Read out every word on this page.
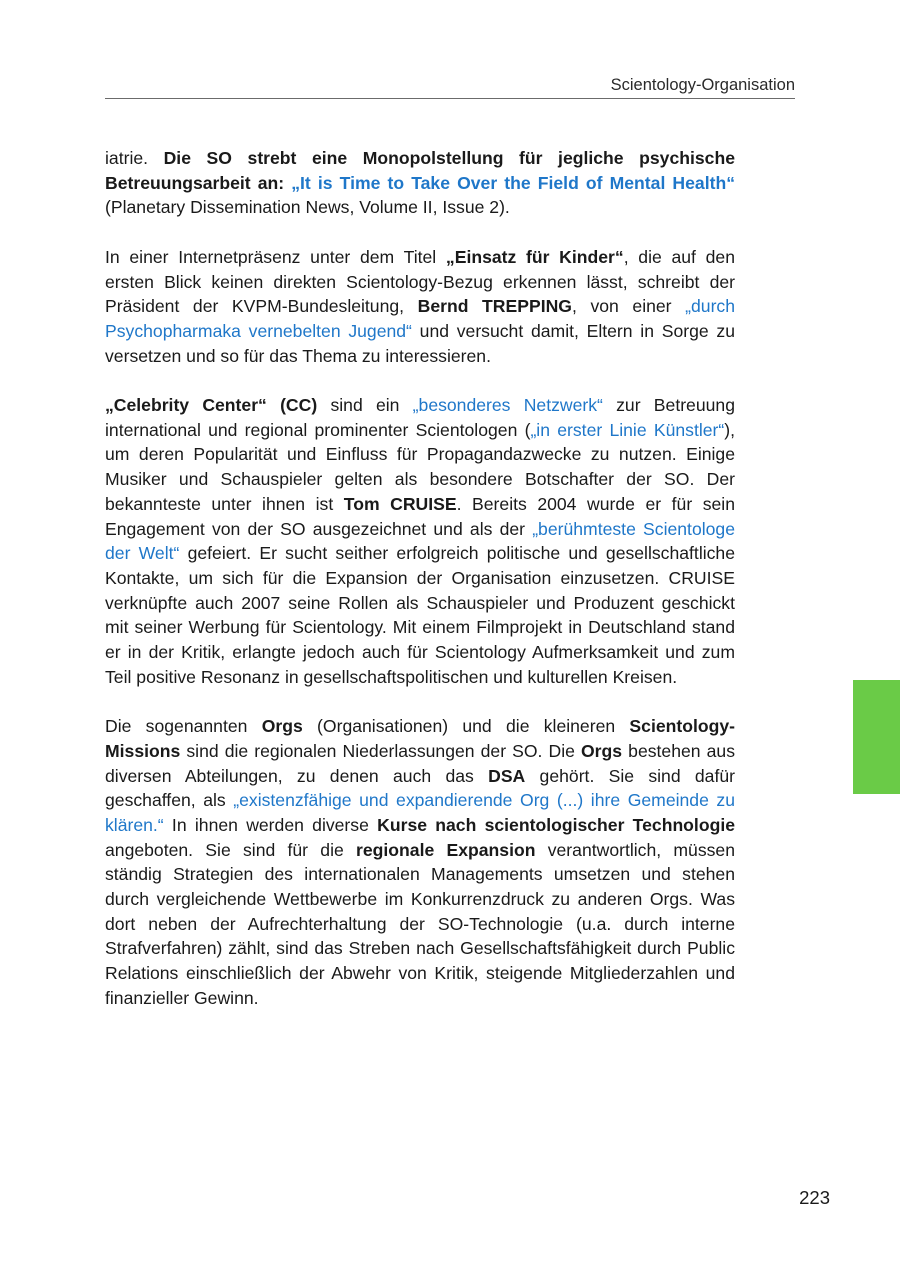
Scientology-Organisation

iatrie. Die SO strebt eine Monopolstellung für jegliche psychische Betreuungsarbeit an: „It is Time to Take Over the Field of Mental Health“ (Planetary Dissemination News, Volume II, Issue 2).

In einer Internetpräsenz unter dem Titel „Einsatz für Kinder“, die auf den ersten Blick keinen direkten Scientology-Bezug erkennen lässt, schreibt der Präsident der KVPM-Bundesleitung, Bernd TREPPING, von einer „durch Psychopharmaka vernebelten Jugend“ und versucht damit, Eltern in Sorge zu versetzen und so für das Thema zu interessieren.

„Celebrity Center“ (CC) sind ein „besonderes Netzwerk“ zur Betreuung international und regional prominenter Scientologen („in erster Linie Künstler“), um deren Popularität und Einfluss für Propagandazwecke zu nutzen. Einige Musiker und Schauspieler gelten als besondere Botschafter der SO. Der bekannteste unter ihnen ist Tom CRUISE. Bereits 2004 wurde er für sein Engagement von der SO ausgezeichnet und als der „berühmteste Scientologe der Welt“ gefeiert. Er sucht seither erfolgreich politische und gesellschaftliche Kontakte, um sich für die Expansion der Organisation einzusetzen. CRUISE verknüpfte auch 2007 seine Rollen als Schauspieler und Produzent geschickt mit seiner Werbung für Scientology. Mit einem Filmprojekt in Deutschland stand er in der Kritik, erlangte jedoch auch für Scientology Aufmerksamkeit und zum Teil positive Resonanz in gesellschaftspolitischen und kulturellen Kreisen.

Die sogenannten Orgs (Organisationen) und die kleineren Scientology-Missions sind die regionalen Niederlassungen der SO. Die Orgs bestehen aus diversen Abteilungen, zu denen auch das DSA gehört. Sie sind dafür geschaffen, als „existenzfähige und expandierende Org (...) ihre Gemeinde zu klären.“ In ihnen werden diverse Kurse nach scientologischer Technologie angeboten. Sie sind für die regionale Expansion verantwortlich, müssen ständig Strategien des internationalen Managements umsetzen und stehen durch vergleichende Wettbewerbe im Konkurrenzdruck zu anderen Orgs. Was dort neben der Aufrechterhaltung der SO-Technologie (u.a. durch interne Strafverfahren) zählt, sind das Streben nach Gesellschaftsfähigkeit durch Public Relations einschließlich der Abwehr von Kritik, steigende Mitgliederzahlen und finanzieller Gewinn.

223
